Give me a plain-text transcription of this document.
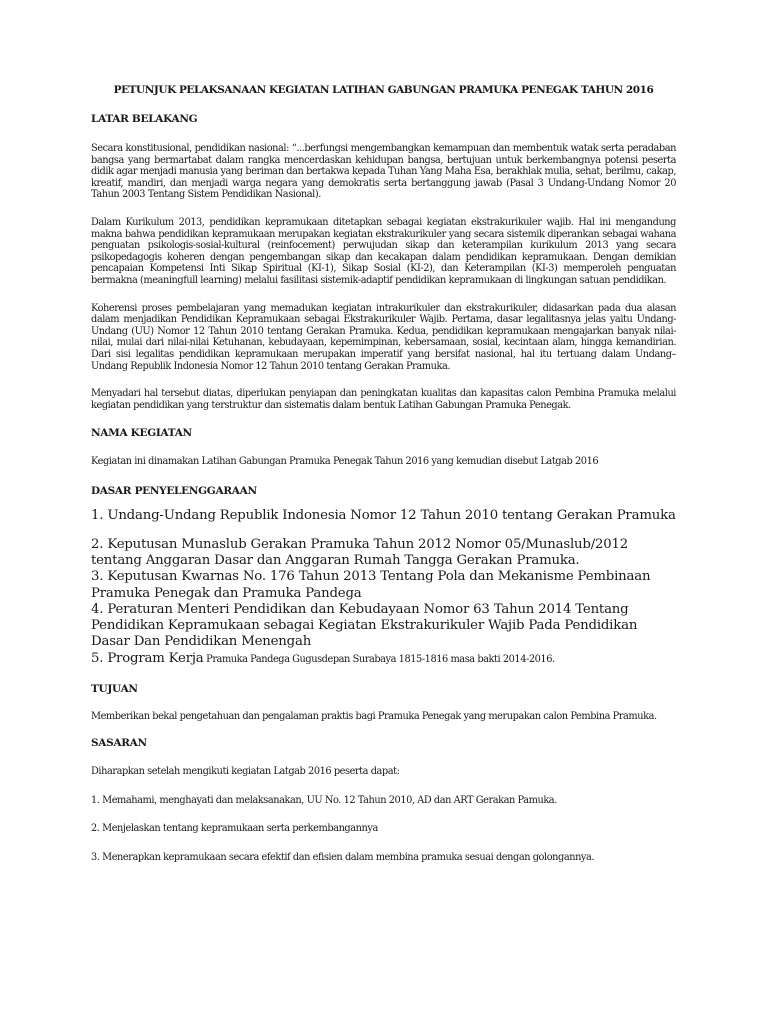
PETUNJUK PELAKSANAAN KEGIATAN LATIHAN GABUNGAN PRAMUKA PENEGAK TAHUN 2016

LATAR BELAKANG

Secara konstitusional, pendidikan nasional: “...berfungsi mengembangkan kemampuan dan membentuk watak serta peradaban bangsa yang bermartabat dalam rangka mencerdaskan kehidupan bangsa, bertujuan untuk berkembangnya potensi peserta didik agar menjadi manusia yang beriman dan bertakwa kepada Tuhan Yang Maha Esa, berakhlak mulia, sehat, berilmu, cakap, kreatif, mandiri, dan menjadi warga negara yang demokratis serta bertanggung jawab (Pasal 3 Undang-Undang Nomor 20 Tahun 2003 Tentang Sistem Pendidikan Nasional).

Dalam Kurikulum 2013, pendidikan kepramukaan ditetapkan sebagai kegiatan ekstrakurikuler wajib. Hal ini mengandung makna bahwa pendidikan kepramukaan merupakan kegiatan ekstrakurikuler yang secara sistemik diperankan sebagai wahana penguatan psikologis-sosial-kultural (reinfocement) perwujudan sikap dan keterampilan kurikulum 2013 yang secara psikopedagogis koheren dengan pengembangan sikap dan kecakapan dalam pendidikan kepramukaan. Dengan demikian pencapaian Kompetensi Inti Sikap Spiritual (KI-1), Sikap Sosial (KI-2), dan Keterampilan (KI-3) memperoleh penguatan bermakna (meaningfull learning) melalui fasilitasi sistemik-adaptif pendidikan kepramukaan di lingkungan satuan pendidikan.

Koherensi proses pembelajaran yang memadukan kegiatan intrakurikuler dan ekstrakurikuler, didasarkan pada dua alasan dalam menjadikan Pendidikan Kepramukaan sebagai Ekstrakurikuler Wajib. Pertama, dasar legalitasnya jelas yaitu Undang-Undang (UU) Nomor 12 Tahun 2010 tentang Gerakan Pramuka. Kedua, pendidikan kepramukaan mengajarkan banyak nilai-nilai, mulai dari nilai-nilai Ketuhanan, kebudayaan, kepemimpinan, kebersamaan, sosial, kecintaan alam, hingga kemandirian. Dari sisi legalitas pendidikan kepramukaan merupakan imperatif yang bersifat nasional, hal itu tertuang dalam Undang–Undang Republik Indonesia Nomor 12 Tahun 2010 tentang Gerakan Pramuka.

Menyadari hal tersebut diatas, diperlukan penyiapan dan peningkatan kualitas dan kapasitas calon Pembina Pramuka melalui kegiatan pendidikan yang terstruktur dan sistematis dalam bentuk Latihan Gabungan Pramuka Penegak.

NAMA KEGIATAN

Kegiatan ini dinamakan Latihan Gabungan Pramuka Penegak Tahun 2016 yang kemudian disebut Latgab 2016

DASAR PENYELENGGARAAN

1. Undang-Undang Republik Indonesia Nomor 12 Tahun 2010 tentang Gerakan Pramuka

2. Keputusan Munaslub Gerakan Pramuka Tahun 2012 Nomor 05/Munaslub/2012 tentang Anggaran Dasar dan Anggaran Rumah Tangga Gerakan Pramuka.

3. Keputusan Kwarnas No. 176 Tahun 2013 Tentang Pola dan Mekanisme Pembinaan Pramuka Penegak dan Pramuka Pandega

4. Peraturan Menteri Pendidikan dan Kebudayaan Nomor 63 Tahun 2014 Tentang Pendidikan Kepramukaan sebagai Kegiatan Ekstrakurikuler Wajib Pada Pendidikan Dasar Dan Pendidikan Menengah

5. Program Kerja Pramuka Pandega Gugusdepan Surabaya 1815-1816 masa bakti 2014-2016.

TUJUAN

Memberikan bekal pengetahuan dan pengalaman praktis bagi Pramuka Penegak yang merupakan calon Pembina Pramuka.

SASARAN

Diharapkan setelah mengikuti kegiatan Latgab 2016 peserta dapat:

1. Memahami, menghayati dan melaksanakan, UU No. 12 Tahun 2010, AD dan ART Gerakan Pamuka.

2. Menjelaskan tentang kepramukaan serta perkembangannya

3. Menerapkan kepramukaan secara efektif dan efisien dalam membina pramuka sesuai dengan golongannya.
